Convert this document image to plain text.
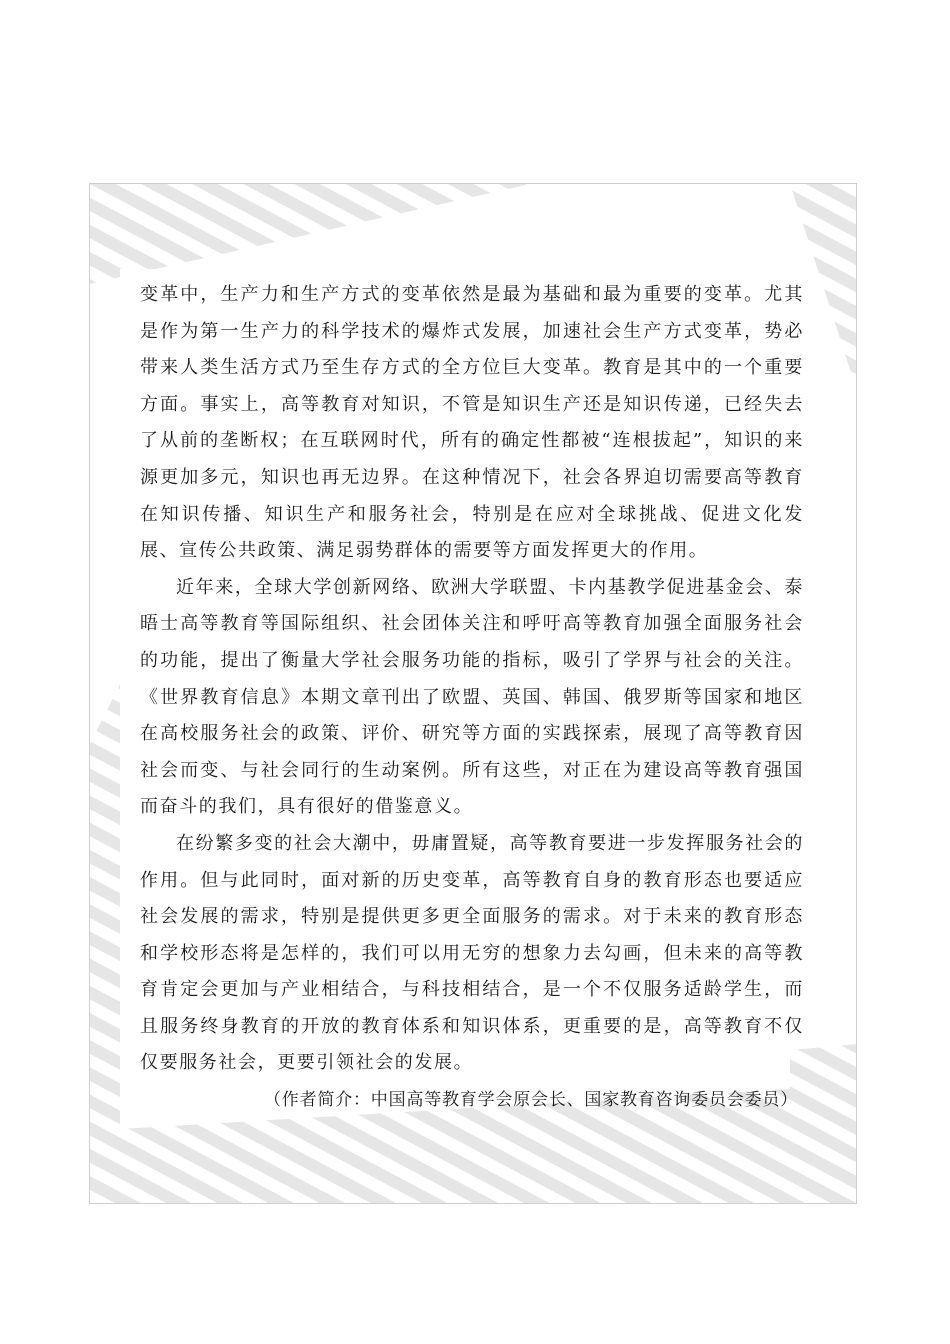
变革中，生产力和生产方式的变革依然是最为基础和最为重要的变革。尤其是作为第一生产力的科学技术的爆炸式发展，加速社会生产方式变革，势必带来人类生活方式乃至生存方式的全方位巨大变革。教育是其中的一个重要方面。事实上，高等教育对知识，不管是知识生产还是知识传递，已经失去了从前的垄断权；在互联网时代，所有的确定性都被“连根拔起”，知识的来源更加多元，知识也再无边界。在这种情况下，社会各界迫切需要高等教育在知识传播、知识生产和服务社会，特别是在应对全球挑战、促进文化发展、宣传公共政策、满足弱势群体的需要等方面发挥更大的作用。

近年来，全球大学创新网络、欧洲大学联盟、卡内基教学促进基金会、泰晤士高等教育等国际组织、社会团体关注和呼吁高等教育加强全面服务社会的功能，提出了衡量大学社会服务功能的指标，吸引了学界与社会的关注。《世界教育信息》本期文章刊出了欧盟、英国、韩国、俄罗斯等国家和地区在高校服务社会的政策、评价、研究等方面的实践探索，展现了高等教育因社会而变、与社会同行的生动案例。所有这些，对正在为建设高等教育强国而奋斗的我们，具有很好的借鉴意义。

在纷繁多变的社会大潮中，毋庸置疑，高等教育要进一步发挥服务社会的作用。但与此同时，面对新的历史变革，高等教育自身的教育形态也要适应社会发展的需求，特别是提供更多更全面服务的需求。对于未来的教育形态和学校形态将是怎样的，我们可以用无穷的想象力去勾画，但未来的高等教育肯定会更加与产业相结合，与科技相结合，是一个不仅服务适龄学生，而且服务终身教育的开放的教育体系和知识体系，更重要的是，高等教育不仅仅要服务社会，更要引领社会的发展。

（作者简介：中国高等教育学会原会长、国家教育咨询委员会委员）
